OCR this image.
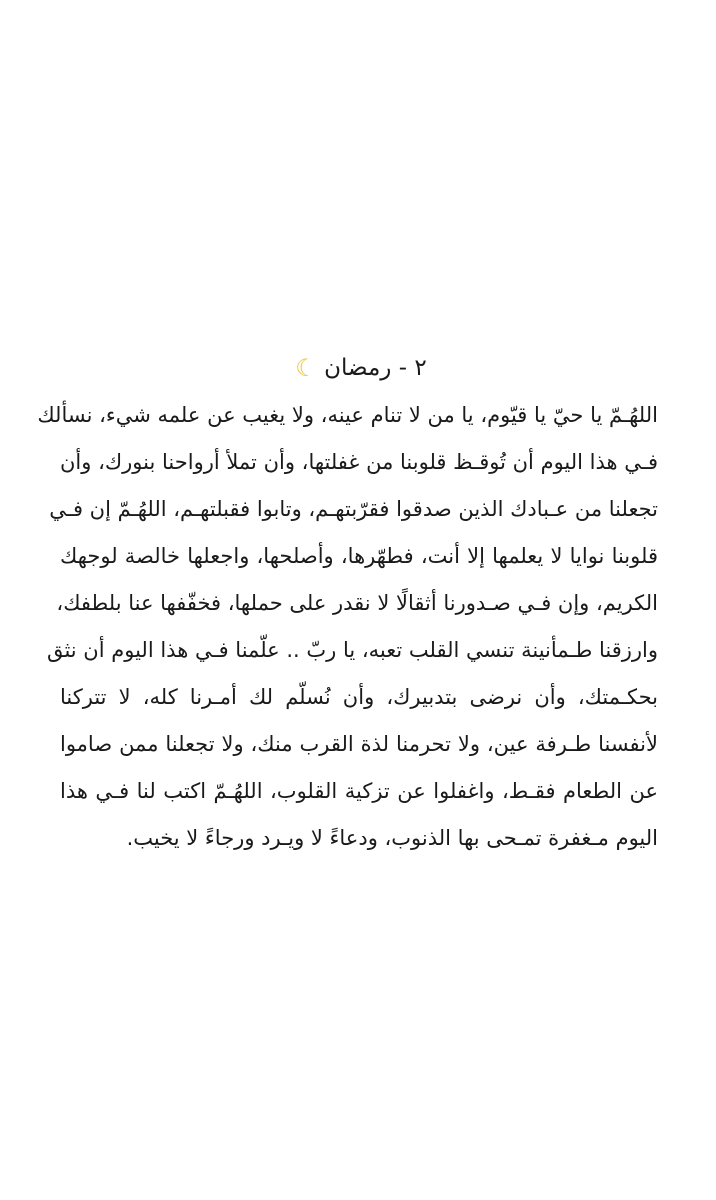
٢ - رمضان ☾
اللهُـمّ يا حيّ يا قيّوم، يا من لا تنام عينه، ولا يغيب عن علمه شيء، نسألك
فـي هذا اليوم أن تُوقـظ قلوبنا من غفلتها، وأن تملأ أرواحنا بنورك، وأن
تجعلنا من عـبادك الذين صدقوا فقرّبتهـم، وتابوا فقبلتهـم، اللهُـمّ إن فـي
قلوبنا نوايا لا يعلمها إلا أنت، فطهّرها، وأصلحها، واجعلها خالصة لوجهك
الكريم، وإن فـي صـدورنا أثقالًا لا نقدر على حملها، فخفّفها عنا بلطفك،
وارزقنا طـمأنينة تنسي القلب تعبه، يا ربّ .. علّمنا فـي هذا اليوم أن نثق
بحكـمتك، وأن نرضى بتدبيرك، وأن نُسلّم لك أمـرنا كله، لا تتركنا
لأنفسنا طـرفة عين، ولا تحرمنا لذة القرب منك، ولا تجعلنا ممن صاموا
عن الطعام فقـط، واغفلوا عن تزكية القلوب، اللهُـمّ اكتب لنا فـي هذا
اليوم مـغفرة تمـحى بها الذنوب، ودعاءً لا ويـرد ورجاءً لا يخيب.
